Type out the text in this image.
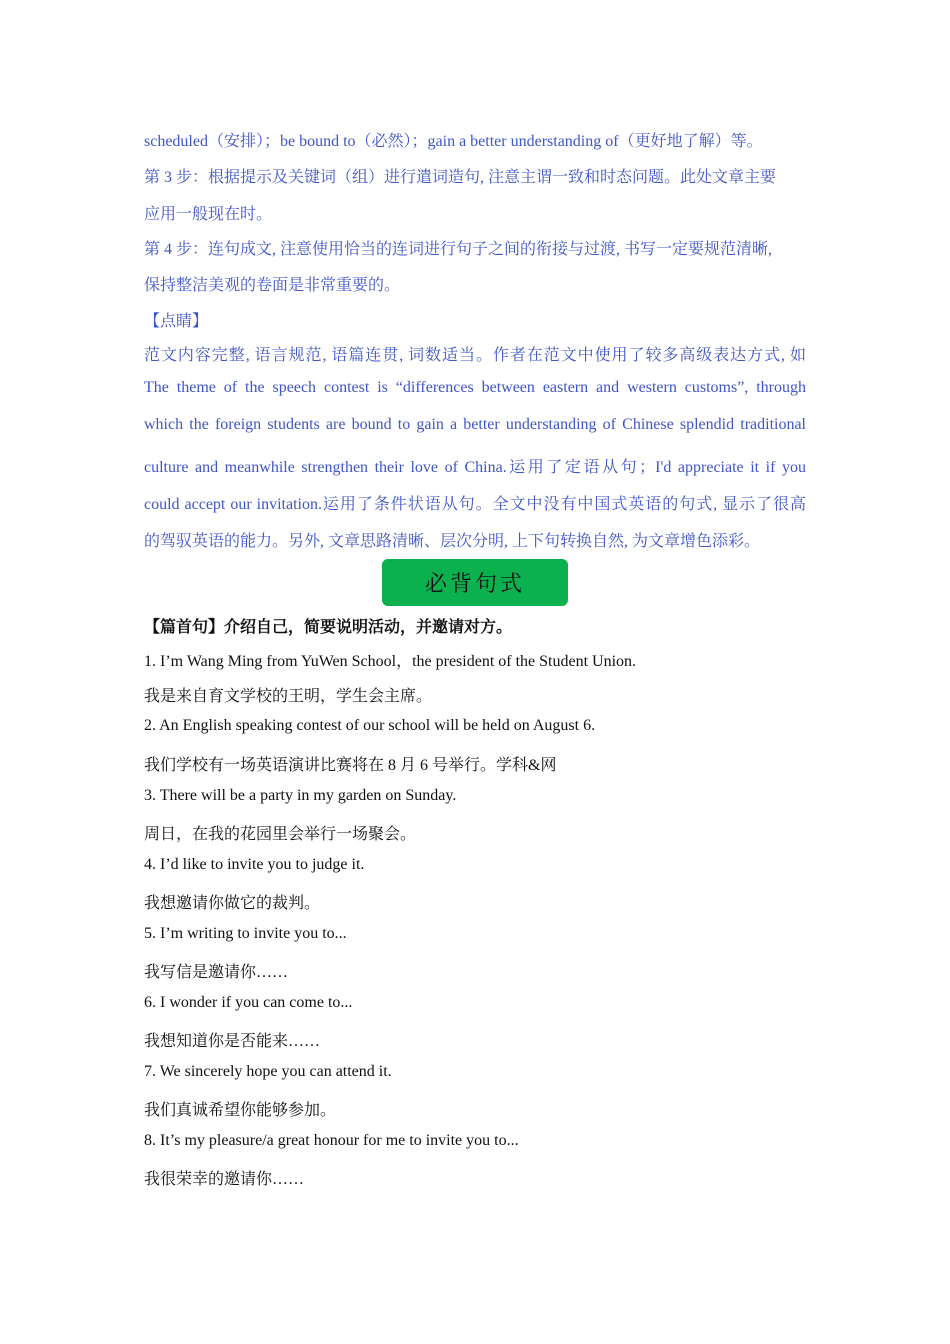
scheduled（安排）；be bound to（必然）；gain a better understanding of（更好地了解）等。
第 3 步：根据提示及关键词（组）进行遣词造句, 注意主谓一致和时态问题。此处文章主要
应用一般现在时。
第 4 步：连句成文, 注意使用恰当的连词进行句子之间的衔接与过渡, 书写一定要规范清晰,
保持整洁美观的卷面是非常重要的。
【点睛】
范文内容完整, 语言规范, 语篇连贯, 词数适当。作者在范文中使用了较多高级表达方式, 如
The theme of the speech contest is “differences between eastern and western customs”, through
which the foreign students are bound to gain a better understanding of Chinese splendid traditional
culture and meanwhile strengthen their love of China.运用了定语从句；I'd appreciate it if you
could accept our invitation.运用了条件状语从句。全文中没有中国式英语的句式, 显示了很高
的驾驭英语的能力。另外, 文章思路清晰、层次分明, 上下句转换自然, 为文章增色添彩。
必背句式
【篇首句】介绍自己，简要说明活动，并邀请对方。
1. I’m Wang Ming from YuWen School，the president of the Student Union.
我是来自育文学校的王明，学生会主席。
2. An English speaking contest of our school will be held on August 6.
我们学校有一场英语演讲比赛将在 8 月 6 号举行。学科&网
3. There will be a party in my garden on Sunday.
周日，在我的花园里会举行一场聚会。
4. I’d like to invite you to judge it.
我想邀请你做它的裁判。
5. I’m writing to invite you to...
我写信是邀请你……
6. I wonder if you can come to...
我想知道你是否能来……
7. We sincerely hope you can attend it.
我们真诚希望你能够参加。
8. It’s my pleasure/a great honour for me to invite you to...
我很荣幸的邀请你……
